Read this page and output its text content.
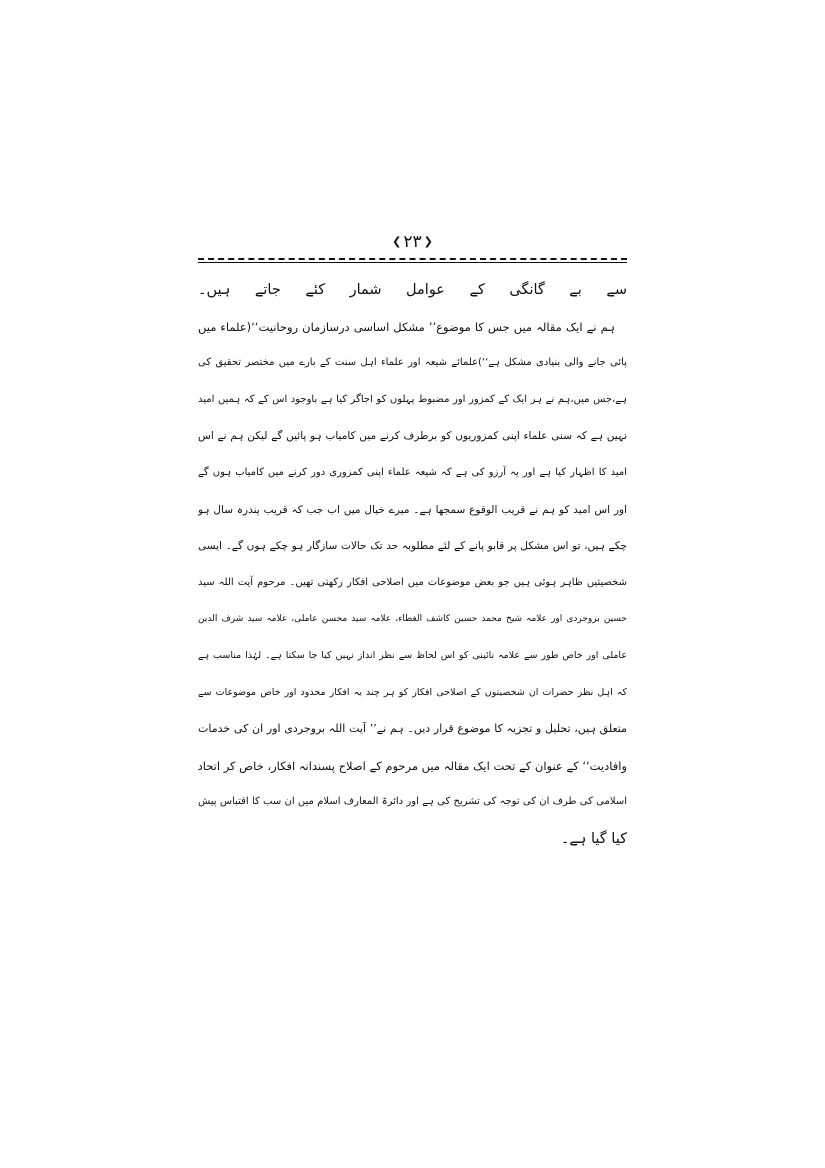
❮ ۲۳ ❯
سے بے گانگی کے عوامل شمار کئے جاتے ہیں۔
ہم نے ایک مقالہ میں جس کا موضوع’’ مشکل اساسی درسازمان روحانیت‘‘(علماء میں
پائی جانے والی بنیادی مشکل ہے‘‘)علمائے شیعہ اور علماء اہل سنت کے بارے میں مختصر تحقیق کی
ہے،جس میں،ہم نے ہر ایک کے کمزور اور مضبوط پہلوں کو اجاگر کیا ہے باوجود اس کے کہ ہمیں امید
نہیں ہے کہ سنی علماء اپنی کمزوریوں کو برطرف کرنے میں کامیاب ہو پائیں گے لیکن ہم نے اس
امید کا اظہار کیا ہے اور یہ آرزو کی ہے کہ شیعہ علماء اپنی کمزوری دور کرنے میں کامیاب ہوں گے
اور اس امید کو ہم نے قریب الوقوع سمجھا ہے۔ میرے خیال میں اب جب کہ قریب پندرہ سال ہو
چکے ہیں، تو اس مشکل پر قابو پانے کے لئے مطلوبہ حد تک حالات سازگار ہو چکے ہوں گے۔ ایسی
شخصیتیں ظاہر ہوئی ہیں جو بعض موضوعات میں اصلاحی افکار رکھتی تھیں۔ مرحوم آیت اللہ سید
حسین بروجردی اور علامہ شیخ محمد حسین کاشف الغطاء، علامہ سید محسن عاملی، علامہ سید شرف الدین
عاملی اور خاص طور سے علامہ نائینی کو اس لحاظ سے نظر انداز نہیں کیا جا سکتا ہے۔ لہٰذا مناسب ہے
کہ اہل نظر حضرات ان شخصیتوں کے اصلاحی افکار کو ہر چند یہ افکار محدود اور خاص موضوعات سے
متعلق ہیں، تحلیل و تجزیہ کا موضوع قرار دیں۔ ہم نے’’ آیت اللہ بروجردی اور ان کی خدمات
وافادیت‘‘ کے عنوان کے تحت ایک مقالہ میں مرحوم کے اصلاح پسندانہ افکار، خاص کر اتحاد
اسلامی کی طرف ان کی توجہ کی تشریح کی ہے اور دائرۃ المعارف اسلام میں ان سب کا اقتباس پیش
کیا گیا ہے۔
